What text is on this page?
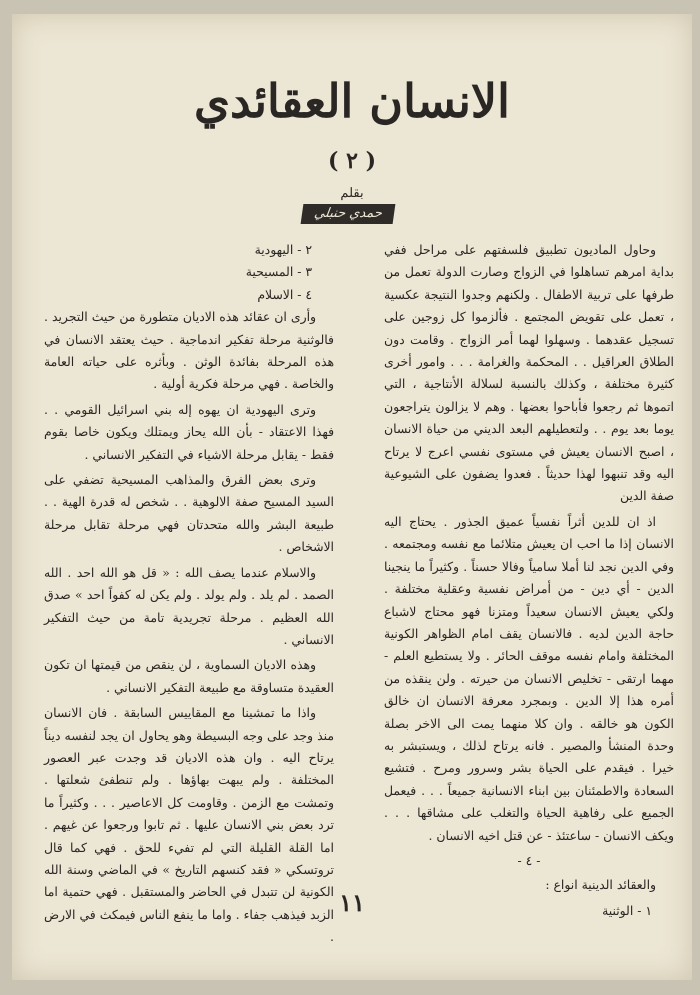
الانسان العقائدي
( ٢ )
بقلم
حمدي حنبلي

وحاول الماديون تطبيق فلسفتهم على مراحل ففي بداية امرهم تساهلوا في الزواج وصارت الدولة تعمل من طرفها على تربية الاطفال . ولكنهم وجدوا النتيجة عكسية ، تعمل على تقويض المجتمع . فألزموا كل زوجين على تسجيل عقدهما . وسهلوا لهما أمر الزواج . وقامت دون الطلاق العراقيل . . المحكمة والغرامة . . . وامور أخرى كثيرة مختلفة ، وكذلك بالنسبة لسلالة الأنتاجية ، التي اتموها ثم رجعوا فأباحوا بعضها . وهم لا يزالون يتراجعون يوما بعد يوم . . ولتعطيلهم البعد الديني من حياة الانسان ، اصبح الانسان يعيش في مستوى نفسي اعرج لا يرتاح اليه وقد تنبهوا لهذا حديثاً . فعدوا يضفون على الشيوعية صفة الدين

اذ ان للدين أثراً نفسياً عميق الجذور . يحتاج اليه الانسان إذا ما احب ان يعيش متلائما مع نفسه ومجتمعه . وفي الدين نجد لنا أملا سامياً وفالا حسناً . وكثيراً ما ينجينا الدين - أي دين - من أمراض نفسية وعقلية مختلفة . ولكي يعيش الانسان سعيداً ومتزنا فهو محتاج لاشباع حاجة الدين لديه . فالانسان يقف امام الظواهر الكونية المختلفة وامام نفسه موقف الحائر . ولا يستطيع العلم - مهما ارتقى - تخليص الانسان من حيرته . ولن ينقذه من أمره هذا إلا الدين . وبمجرد معرفة الانسان ان خالق الكون هو خالقه . وان كلا منهما يمت الى الاخر بصلة وحدة المنشأ والمصير . فانه يرتاح لذلك ، ويستبشر به خيرا . فيقدم على الحياة بشر وسرور ومرح . فتشيع السعادة والاطمئنان بين ابناء الانسانية جميعاً . . . فيعمل الجميع على رفاهية الحياة والتغلب على مشاقها . . . ويكف الانسان - ساعتئذ - عن قتل اخيه الانسان .

- ٤ -

والعقائد الدينية انواع :

١ - الوثنية

٢ - اليهودية

٣ - المسيحية

٤ - الاسلام

وأرى ان عقائد هذه الاديان متطورة من حيث التجريد . فالوثنية مرحلة تفكير اندماجية . حيث يعتقد الانسان في هذه المرحلة بفائدة الوثن . وبأثره على حياته العامة والخاصة . فهي مرحلة فكرية أولية .

وترى اليهودية ان يهوه إله بني اسرائيل القومي . . فهذا الاعتقاد - بأن الله يحاز ويمتلك ويكون خاصا بقوم فقط - يقابل مرحلة الاشياء في التفكير الانساني .

وترى بعض الفرق والمذاهب المسيحية تضفي على السيد المسيح صفة الالوهية . . شخص له قدرة الهية . . طبيعة البشر والله متحدتان فهي مرحلة تقابل مرحلة الاشخاص .

والاسلام عندما يصف الله : « قل هو الله احد . الله الصمد . لم يلد . ولم يولد . ولم يكن له كفواً احد » صدق الله العظيم . مرحلة تجريدية تامة من حيث التفكير الانساني .

وهذه الاديان السماوية ، لن ينقص من قيمتها ان تكون العقيدة متساوقة مع طبيعة التفكير الانساني .

واذا ما تمشينا مع المقاييس السابقة . فان الانسان منذ وجد على وجه البسيطة وهو يحاول ان يجد لنفسه ديناً يرتاح اليه . وان هذه الاديان قد وجدت عبر العصور المختلفة . ولم يبهت بهاؤها . ولم تنطفئ شعلتها . وتمشت مع الزمن . وقاومت كل الاعاصير . . . وكثيراً ما ترد بعض بني الانسان عليها . ثم تابوا ورجعوا عن غيهم . اما القلة القليلة التي لم تفيء للحق . فهي كما قال تروتسكي « فقد كنسهم التاريخ » في الماضي وسنة الله الكونية لن تتبدل في الحاضر والمستقبل . فهي حتمية اما الزبد فيذهب جفاء . واما ما ينفع الناس فيمكث في الارض .

١١
